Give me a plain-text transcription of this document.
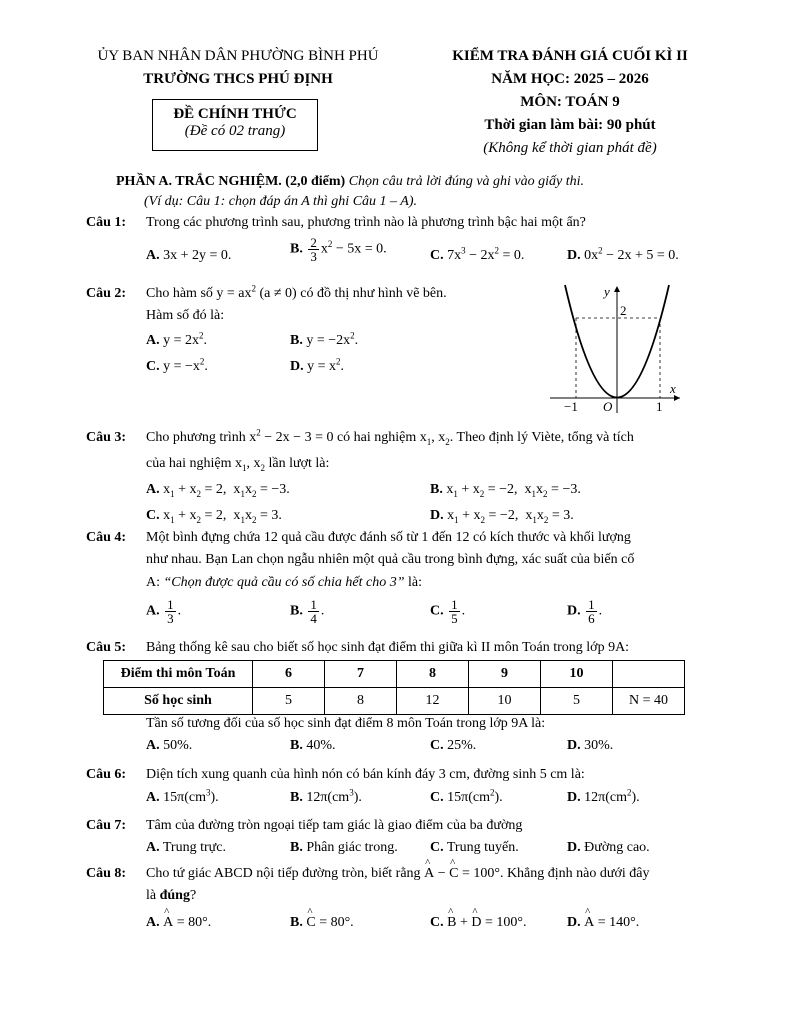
ỦY BAN NHÂN DÂN PHƯỜNG BÌNH PHÚ
TRƯỜNG THCS PHÚ ĐỊNH
ĐỀ CHÍNH THỨC
(Đề có 02 trang)
KIỂM TRA ĐÁNH GIÁ CUỐI KÌ II
NĂM HỌC: 2025 – 2026
MÔN: TOÁN 9
Thời gian làm bài: 90 phút
(Không kể thời gian phát đề)
PHẦN A. TRẮC NGHIỆM. (2,0 điểm) Chọn câu trả lời đúng và ghi vào giấy thi.
(Ví dụ: Câu 1: chọn đáp án A thì ghi Câu 1 – A).
Câu 1: Trong các phương trình sau, phương trình nào là phương trình bậc hai một ẩn?
A. 3x + 2y = 0.	B. $\frac{2}{3} x^2 - 5x = 0$.	C. $7x^3 - 2x^2 = 0$.	D. $0x^2 - 2x + 5 = 0$.
Câu 2: Cho hàm số $y = ax^2$ (a ≠ 0) có đồ thị như hình vẽ bên.
Hàm số đó là:
A. $y = 2x^2$.	B. $y = -2x^2$.
C. $y = -x^2$.	D. $y = x^2$.
y
x
2
O
−1	1
Câu 3: Cho phương trình $x^2 - 2x - 3 = 0$ có hai nghiệm $x_1$, $x_2$. Theo định lý Viète, tổng và tích
của hai nghiệm $x_1$, $x_2$ lần lượt là:
A. $x_1 + x_2 = 2$,  $x_1x_2 = -3$.	B. $x_1 + x_2 = -2$,  $x_1x_2 = -3$.
C. $x_1 + x_2 = 2$,  $x_1x_2 = 3$.	D. $x_1 + x_2 = -2$,  $x_1x_2 = 3$.
Câu 4: Một bình đựng chứa 12 quả cầu được đánh số từ 1 đến 12 có kích thước và khối lượng
như nhau. Bạn Lan chọn ngẫu nhiên một quả cầu trong bình đựng, xác suất của biến cố
A: “Chọn được quả cầu có số chia hết cho 3” là:
A. $\frac{1}{3}$ .	B. $\frac{1}{4}$ .	C. $\frac{1}{5}$ .	D. $\frac{1}{6}$ .
Câu 5: Bảng thống kê sau cho biết số học sinh đạt điểm thi giữa kì II môn Toán trong lớp 9A:
Điểm thi môn Toán	6	7	8	9	10	
Số học sinh	5	8	12	10	5	N = 40
Tần số tương đối của số học sinh đạt điểm 8 môn Toán trong lớp 9A là:
A. 50%.	B. 40%.	C. 25%.	D. 30%.
Câu 6: Diện tích xung quanh của hình nón có bán kính đáy 3 cm, đường sinh 5 cm là:
A. $15\pi(cm^3)$.	B. $12\pi(cm^3)$.	C. $15\pi(cm^2)$.	D. $12\pi(cm^2)$.
Câu 7: Tâm của đường tròn ngoại tiếp tam giác là giao điểm của ba đường
A. Trung trực.	B. Phân giác trong. C. Trung tuyến.	D. Đường cao.
Câu 8: Cho tứ giác ABCD nội tiếp đường tròn, biết rằng ^ A − ^ C = 100°. Khẳng định nào dưới đây
là đúng?
A. ^ A = 80°.	B. ^ C = 80°.	C. ^ B + ^ D = 100°.	D. ^ A = 140°.
